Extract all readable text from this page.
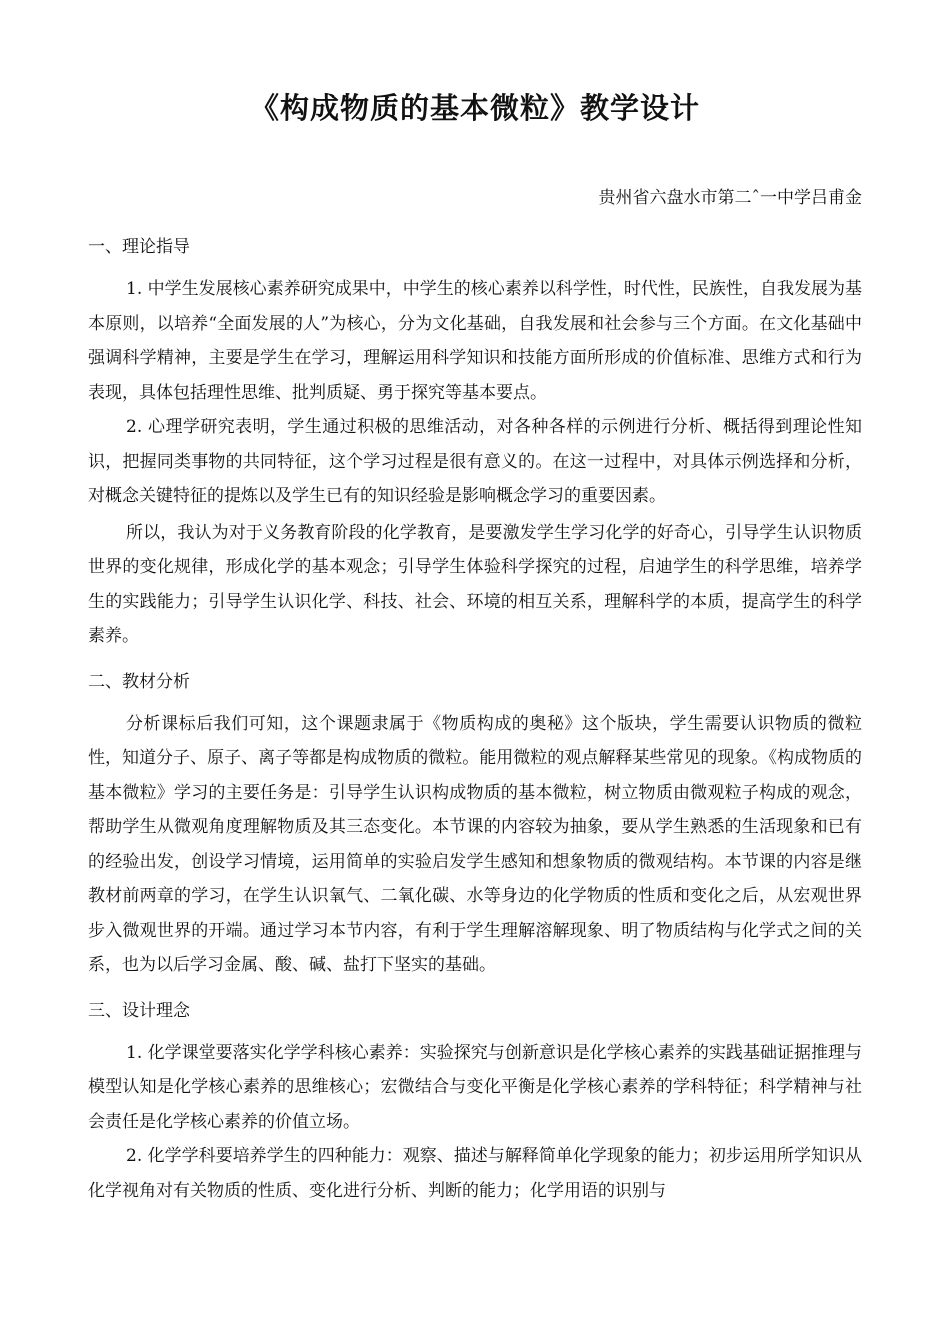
《构成物质的基本微粒》教学设计
贵州省六盘水市第二ˆ一中学吕甫金

一、理论指导

1. 中学生发展核心素养研究成果中，中学生的核心素养以科学性，时代性，民族性，自我发展为基本原则，以培养“全面发展的人”为核心，分为文化基础，自我发展和社会参与三个方面。在文化基础中强调科学精神，主要是学生在学习，理解运用科学知识和技能方面所形成的价值标准、思维方式和行为表现，具体包括理性思维、批判质疑、勇于探究等基本要点。

2. 心理学研究表明，学生通过积极的思维活动，对各种各样的示例进行分析、概括得到理论性知识，把握同类事物的共同特征，这个学习过程是很有意义的。在这一过程中，对具体示例选择和分析，对概念关键特征的提炼以及学生已有的知识经验是影响概念学习的重要因素。

所以，我认为对于义务教育阶段的化学教育，是要激发学生学习化学的好奇心，引导学生认识物质世界的变化规律，形成化学的基本观念；引导学生体验科学探究的过程，启迪学生的科学思维，培养学生的实践能力；引导学生认识化学、科技、社会、环境的相互关系，理解科学的本质，提高学生的科学素养。

二、教材分析

分析课标后我们可知，这个课题隶属于《物质构成的奥秘》这个版块，学生需要认识物质的微粒性，知道分子、原子、离子等都是构成物质的微粒。能用微粒的观点解释某些常见的现象。《构成物质的基本微粒》学习的主要任务是：引导学生认识构成物质的基本微粒，树立物质由微观粒子构成的观念，帮助学生从微观角度理解物质及其三态变化。本节课的内容较为抽象，要从学生熟悉的生活现象和已有的经验出发，创设学习情境，运用简单的实验启发学生感知和想象物质的微观结构。本节课的内容是继教材前两章的学习，在学生认识氧气、二氧化碳、水等身边的化学物质的性质和变化之后，从宏观世界步入微观世界的开端。通过学习本节内容，有利于学生理解溶解现象、明了物质结构与化学式之间的关系，也为以后学习金属、酸、碱、盐打下坚实的基础。

三、设计理念

1. 化学课堂要落实化学学科核心素养：实验探究与创新意识是化学核心素养的实践基础证据推理与模型认知是化学核心素养的思维核心；宏微结合与变化平衡是化学核心素养的学科特征；科学精神与社会责任是化学核心素养的价值立场。

2. 化学学科要培养学生的四种能力：观察、描述与解释简单化学现象的能力；初步运用所学知识从化学视角对有关物质的性质、变化进行分析、判断的能力；化学用语的识别与
